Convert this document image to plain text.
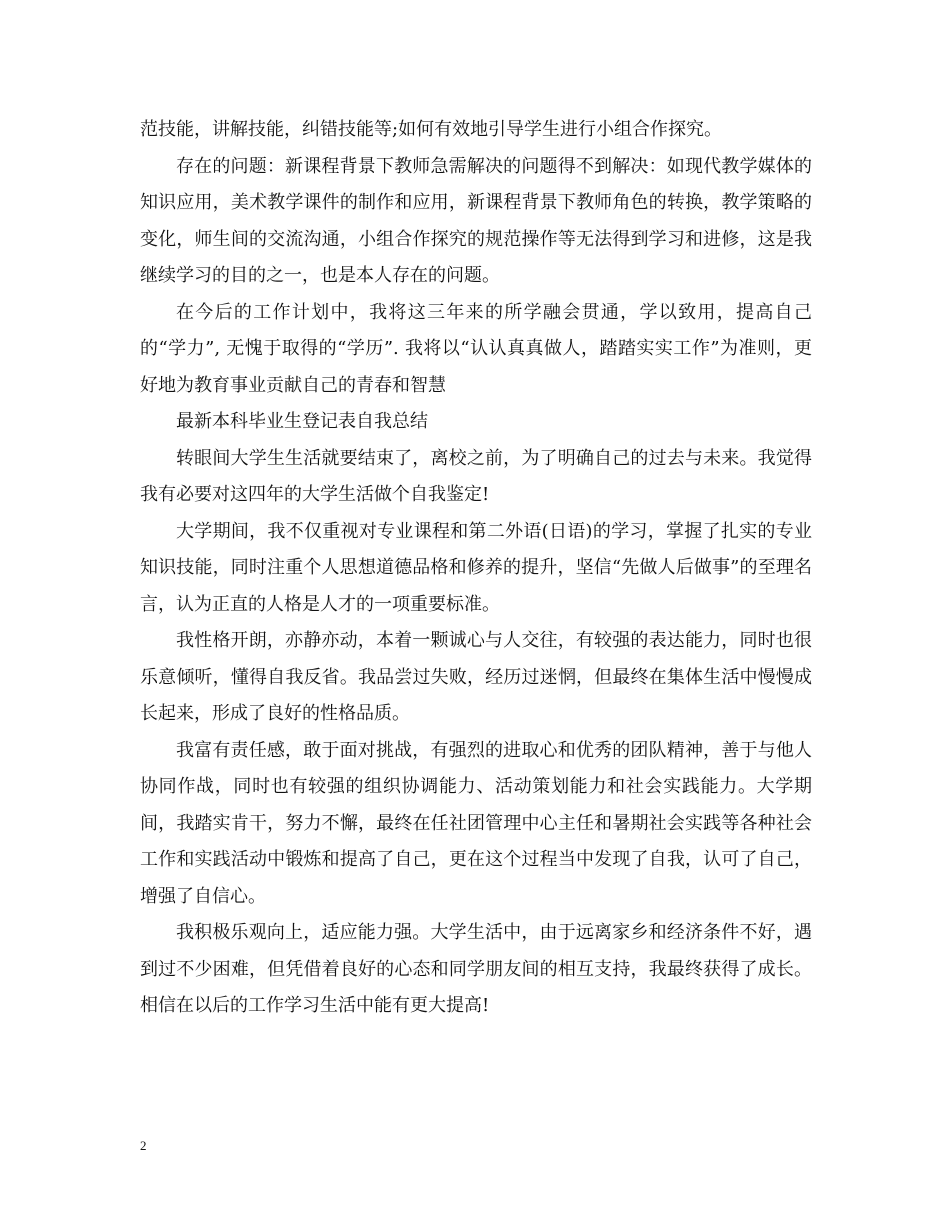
范技能，讲解技能，纠错技能等;如何有效地引导学生进行小组合作探究。

存在的问题：新课程背景下教师急需解决的问题得不到解决：如现代教学媒体的知识应用，美术教学课件的制作和应用，新课程背景下教师角色的转换，教学策略的变化，师生间的交流沟通，小组合作探究的规范操作等无法得到学习和进修，这是我继续学习的目的之一，也是本人存在的问题。

在今后的工作计划中，我将这三年来的所学融会贯通，学以致用，提高自己的“学力”, 无愧于取得的“学历”. 我将以“认认真真做人，踏踏实实工作”为准则，更好地为教育事业贡献自己的青春和智慧

最新本科毕业生登记表自我总结

转眼间大学生生活就要结束了，离校之前，为了明确自己的过去与未来。我觉得我有必要对这四年的大学生活做个自我鉴定!

大学期间，我不仅重视对专业课程和第二外语(日语)的学习，掌握了扎实的专业知识技能，同时注重个人思想道德品格和修养的提升，坚信“先做人后做事”的至理名言，认为正直的人格是人才的一项重要标准。

我性格开朗，亦静亦动，本着一颗诚心与人交往，有较强的表达能力，同时也很乐意倾听，懂得自我反省。我品尝过失败，经历过迷惘，但最终在集体生活中慢慢成长起来，形成了良好的性格品质。

我富有责任感，敢于面对挑战，有强烈的进取心和优秀的团队精神，善于与他人协同作战，同时也有较强的组织协调能力、活动策划能力和社会实践能力。大学期间，我踏实肯干，努力不懈，最终在任社团管理中心主任和暑期社会实践等各种社会工作和实践活动中锻炼和提高了自己，更在这个过程当中发现了自我，认可了自己，增强了自信心。

我积极乐观向上，适应能力强。大学生活中，由于远离家乡和经济条件不好，遇到过不少困难，但凭借着良好的心态和同学朋友间的相互支持，我最终获得了成长。相信在以后的工作学习生活中能有更大提高!

2
